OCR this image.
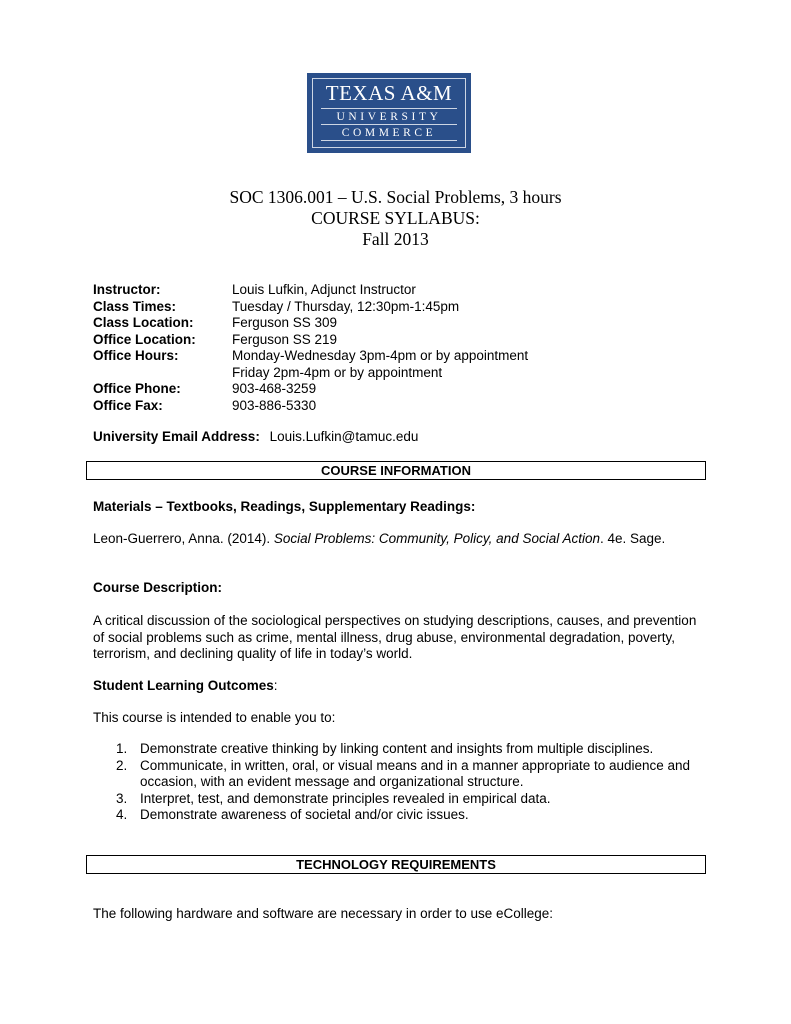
TEXAS A&M
UNIVERSITY
COMMERCE
SOC 1306.001 – U.S. Social Problems, 3 hours
COURSE SYLLABUS:
Fall 2013
Instructor:	Louis Lufkin, Adjunct Instructor
Class Times:	Tuesday / Thursday, 12:30pm-1:45pm
Class Location:	Ferguson SS 309
Office Location:	Ferguson SS 219
Office Hours:	Monday-Wednesday 3pm-4pm or by appointment
Friday 2pm-4pm or by appointment
Office Phone:	903-468-3259
Office Fax:	903-886-5330
University Email Address: Louis.Lufkin@tamuc.edu
COURSE INFORMATION
Materials – Textbooks, Readings, Supplementary Readings:
Leon-Guerrero, Anna. (2014). Social Problems: Community, Policy, and Social Action. 4e. Sage.
Course Description:
A critical discussion of the sociological perspectives on studying descriptions, causes, and prevention of social problems such as crime, mental illness, drug abuse, environmental degradation, poverty, terrorism, and declining quality of life in today’s world.
Student Learning Outcomes:
This course is intended to enable you to:
1. Demonstrate creative thinking by linking content and insights from multiple disciplines.
2. Communicate, in written, oral, or visual means and in a manner appropriate to audience and occasion, with an evident message and organizational structure.
3. Interpret, test, and demonstrate principles revealed in empirical data.
4. Demonstrate awareness of societal and/or civic issues.
TECHNOLOGY REQUIREMENTS
The following hardware and software are necessary in order to use eCollege:
